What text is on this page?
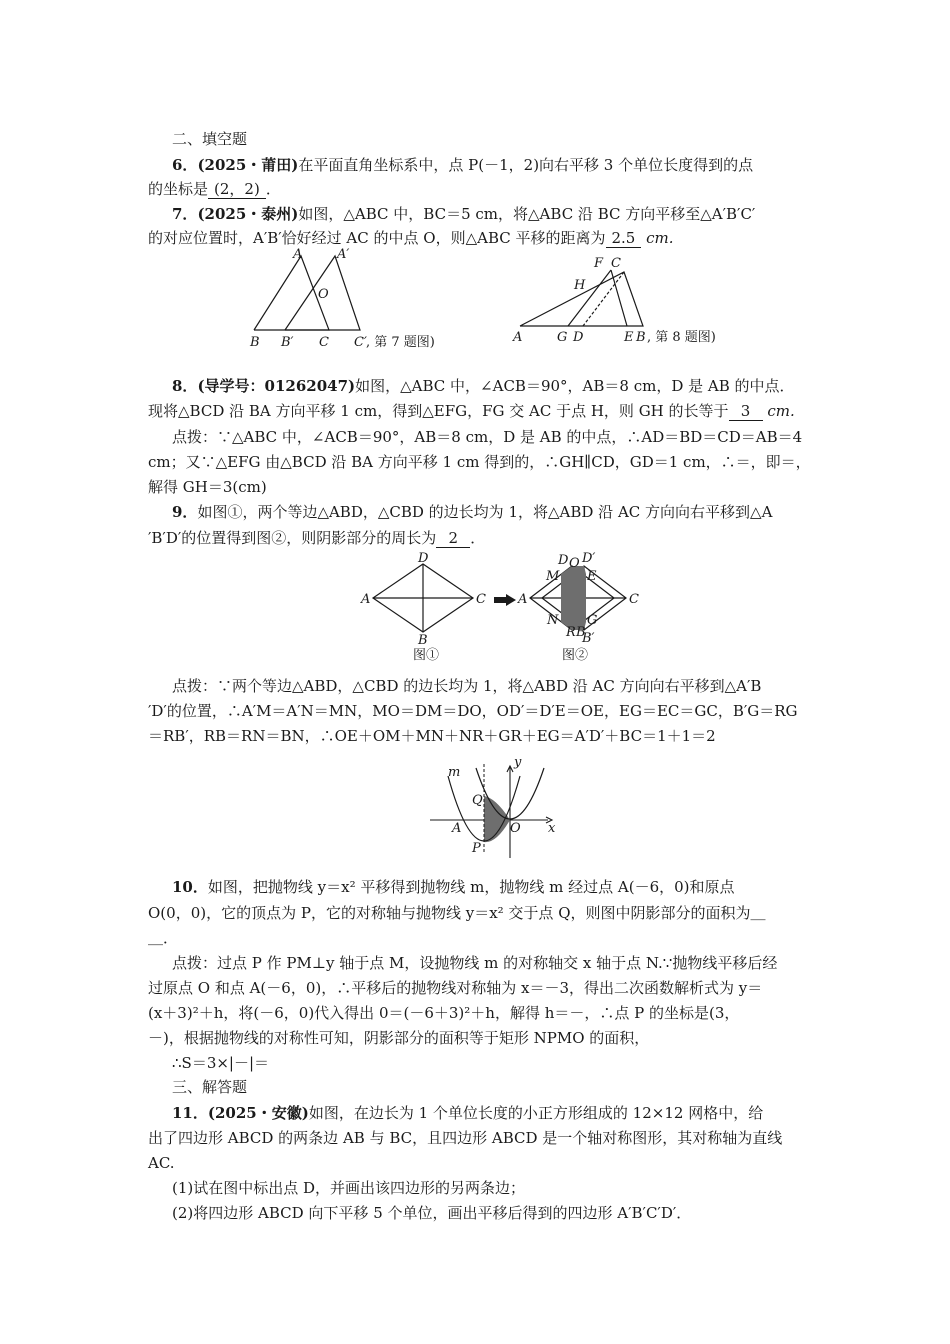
二、填空题
6．(2025・莆田)在平面直角坐标系中，点 P(－1，2)向右平移 3 个单位长度得到的点
的坐标是 (2，2) ．
7．(2025・泰州)如图，△ABC 中，BC＝5 cm，将△ABC 沿 BC 方向平移至△A′B′C′
的对应位置时，A′B′恰好经过 AC 的中点 O，则△ABC 平移的距离为 2.5 cm.
A	A′
O
B B′ C C′ , 第 7 题图)
F C
H
A	G D	E B , 第 8 题图)
8．(导学号：01262047)如图，△ABC 中，∠ACB＝90°，AB＝8 cm，D 是 AB 的中点．
现将△BCD 沿 BA 方向平移 1 cm，得到△EFG，FG 交 AC 于点 H，则 GH 的长等于 3 cm.
点拨：∵△ABC 中，∠ACB＝90°，AB＝8 cm，D 是 AB 的中点，∴AD＝BD＝CD＝AB＝4
cm；又∵△EFG 由△BCD 沿 BA 方向平移 1 cm 得到的，∴GH∥CD，GD＝1 cm，∴＝，即＝，
解得 GH＝3(cm)
9．如图①，两个等边△ABD，△CBD 的边长均为 1，将△ABD 沿 AC 方向向右平移到△A
′B′D′的位置得到图②，则阴影部分的周长为 2 ．
D
A	C
B
图①
D O D′
M E
A	C
N G
R B
B′
图②
点拨：∵两个等边△ABD，△CBD 的边长均为 1，将△ABD 沿 AC 方向向右平移到△A′B
′D′的位置，∴A′M＝A′N＝MN，MO＝DM＝DO，OD′＝D′E＝OE，EG＝EC＝GC，B′G＝RG
＝RB′，RB＝RN＝BN，∴OE＋OM＋MN＋NR＋GR＋EG＝A′D′＋BC＝1＋1＝2
y
m
Q
A	O x
P
10．如图，把抛物线 y＝x² 平移得到抛物线 m，抛物线 m 经过点 A(－6，0)和原点
O(0，0)，它的顶点为 P，它的对称轴与抛物线 y＝x² 交于点 Q，则图中阴影部分的面积为＿
＿．
点拨：过点 P 作 PM⊥y 轴于点 M，设抛物线 m 的对称轴交 x 轴于点 N.∵抛物线平移后经
过原点 O 和点 A(－6，0)，∴平移后的抛物线对称轴为 x＝－3，得出二次函数解析式为 y＝
(x＋3)²＋h，将(－6，0)代入得出 0＝(－6＋3)²＋h，解得 h＝－，∴点 P 的坐标是(3，
－)，根据抛物线的对称性可知，阴影部分的面积等于矩形 NPMO 的面积，
∴S＝3×|－|＝
三、解答题
11．(2025・安徽)如图，在边长为 1 个单位长度的小正方形组成的 12×12 网格中，给
出了四边形 ABCD 的两条边 AB 与 BC，且四边形 ABCD 是一个轴对称图形，其对称轴为直线
AC.
(1)试在图中标出点 D，并画出该四边形的另两条边；
(2)将四边形 ABCD 向下平移 5 个单位，画出平移后得到的四边形 A′B′C′D′．
